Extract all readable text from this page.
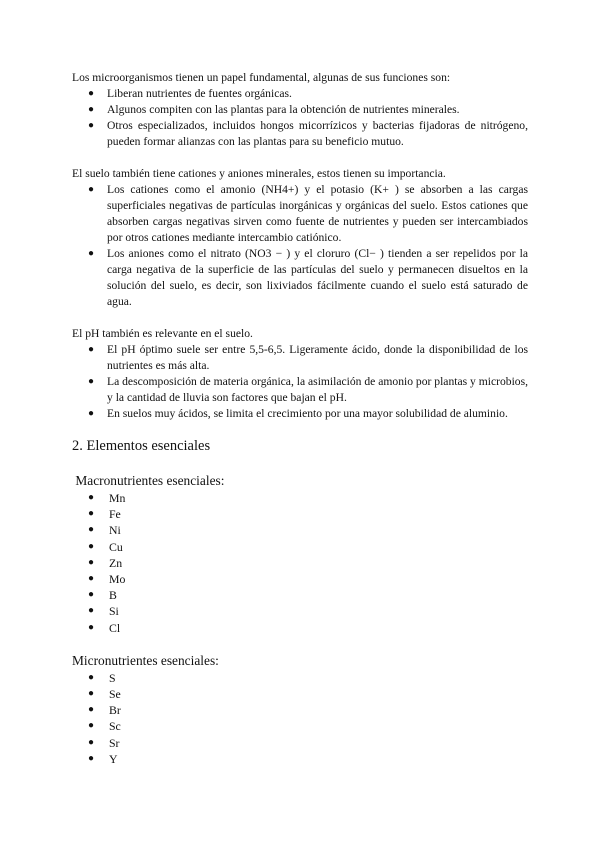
Los microorganismos tienen un papel fundamental, algunas de sus funciones son:

● Liberan nutrientes de fuentes orgánicas.
● Algunos compiten con las plantas para la obtención de nutrientes minerales.
● Otros especializados, incluidos hongos micorrízicos y bacterias fijadoras de nitrógeno, pueden formar alianzas con las plantas para su beneficio mutuo.

El suelo también tiene cationes y aniones minerales, estos tienen su importancia.

● Los cationes como el amonio (NH4+) y el potasio (K+ ) se absorben a las cargas superficiales negativas de partículas inorgánicas y orgánicas del suelo. Estos cationes que absorben cargas negativas sirven como fuente de nutrientes y pueden ser intercambiados por otros cationes mediante intercambio catiónico.
● Los aniones como el nitrato (NO3 − ) y el cloruro (Cl− ) tienden a ser repelidos por la carga negativa de la superficie de las partículas del suelo y permanecen disueltos en la solución del suelo, es decir, son lixiviados fácilmente cuando el suelo está saturado de agua.

El pH también es relevante en el suelo.

● El pH óptimo suele ser entre 5,5-6,5. Ligeramente ácido, donde la disponibilidad de los nutrientes es más alta.
● La descomposición de materia orgánica, la asimilación de amonio por plantas y microbios, y la cantidad de lluvia son factores que bajan el pH.
● En suelos muy ácidos, se limita el crecimiento por una mayor solubilidad de aluminio.
2. Elementos esenciales

Macronutrientes esenciales:

● Mn
● Fe
● Ni
● Cu
● Zn
● Mo
● B
● Si
● Cl

Micronutrientes esenciales:

● S
● Se
● Br
● Sc
● Sr
● Y
